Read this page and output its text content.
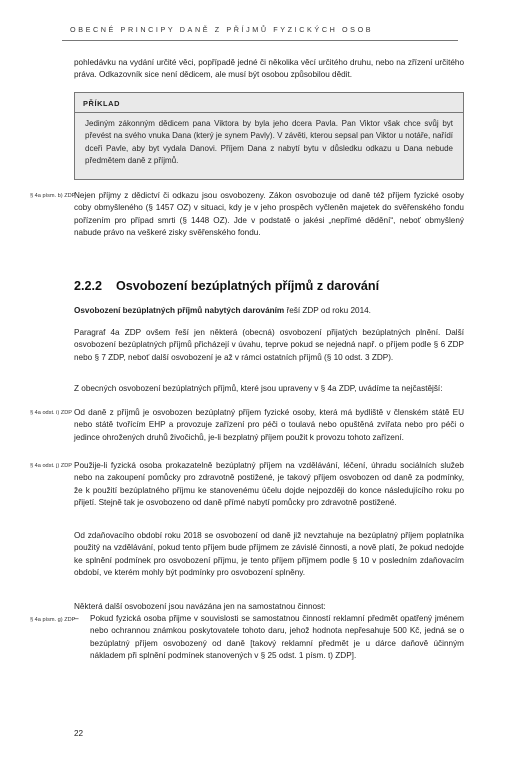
OBECNÉ PRINCIPY DANĚ Z PŘÍJMŮ FYZICKÝCH OSOB

pohledávku na vydání určité věci, popřípadě jedné či několika věcí určitého druhu, nebo na zřízení určitého práva. Odkazovník sice není dědicem, ale musí být osobou způsobilou dědit.

PŘÍKLAD

Jediným zákonným dědicem pana Viktora by byla jeho dcera Pavla. Pan Viktor však chce svůj byt převést na svého vnuka Dana (který je synem Pavly). V závěti, kterou sepsal pan Viktor u notáře, nařídí dceři Pavle, aby byt vydala Danovi. Příjem Dana z nabytí bytu v důsledku odkazu u Dana nebude předmětem daně z příjmů.

§ 4a písm. b) ZDP

Nejen příjmy z dědictví či odkazu jsou osvobozeny. Zákon osvobozuje od daně též příjem fyzické osoby coby obmyšleného (§ 1457 OZ) v situaci, kdy je v jeho prospěch vyčleněn majetek do svěřenského fondu pořízením pro případ smrti (§ 1448 OZ). Jde v podstatě o jakési „nepřímé dědění“, neboť obmyšlený nabude právo na veškeré zisky svěřenského fondu.

2.2.2 Osvobození bezúplatných příjmů z darování
Osvobození bezúplatných příjmů nabytých darováním řeší ZDP od roku 2014.

Paragraf 4a ZDP ovšem řeší jen některá (obecná) osvobození přijatých bezúplatných plnění. Další osvobození bezúplatných příjmů přicházejí v úvahu, teprve pokud se nejedná např. o příjem podle § 6 ZDP nebo § 7 ZDP, neboť další osvobození je až v rámci ostatních příjmů (§ 10 odst. 3 ZDP).

Z obecných osvobození bezúplatných příjmů, které jsou upraveny v § 4a ZDP, uvádíme ta nejčastější:

§ 4a odst. i) ZDP Od daně z příjmů je osvobozen bezúplatný příjem fyzické osoby, která má bydliště v členském státě EU nebo státě tvořícím EHP a provozuje zařízení pro péči o toulavá nebo opuštěná zvířata nebo pro péči o jedince ohrožených druhů živočichů, je-li bezplatný příjem použit k provozu tohoto zařízení.

§ 4a odst. j) ZDP Použije-li fyzická osoba prokazatelně bezúplatný příjem na vzdělávání, léčení, úhradu sociálních služeb nebo na zakoupení pomůcky pro zdravotně postižené, je takový příjem osvobozen od daně za podmínky, že k použití bezúplatného příjmu ke stanovenému účelu dojde nejpozději do konce následujícího roku po přijetí. Stejně tak je osvobozeno od daně přímé nabytí pomůcky pro zdravotně postižené.

Od zdaňovacího období roku 2018 se osvobození od daně již nevztahuje na bezúplatný příjem poplatníka použitý na vzdělávání, pokud tento příjem bude příjmem ze závislé činnosti, a nově platí, že pokud nedojde ke splnění podmínek pro osvobození příjmu, je tento příjem příjmem podle § 10 v posledním zdaňovacím období, ve kterém mohly být podmínky pro osvobození splněny.

Některá další osvobození jsou navázána jen na samostatnou činnost:

§ 4a písm. g) ZDP
– Pokud fyzická osoba přijme v souvislosti se samostatnou činností reklamní předmět opatřený jménem nebo ochrannou známkou poskytovatele tohoto daru, jehož hodnota nepřesahuje 500 Kč, jedná se o bezúplatný příjem osvobozený od daně [takový reklamní předmět je u dárce daňově účinným nákladem při splnění podmínek stanovených v § 25 odst. 1 písm. t) ZDP].
22
